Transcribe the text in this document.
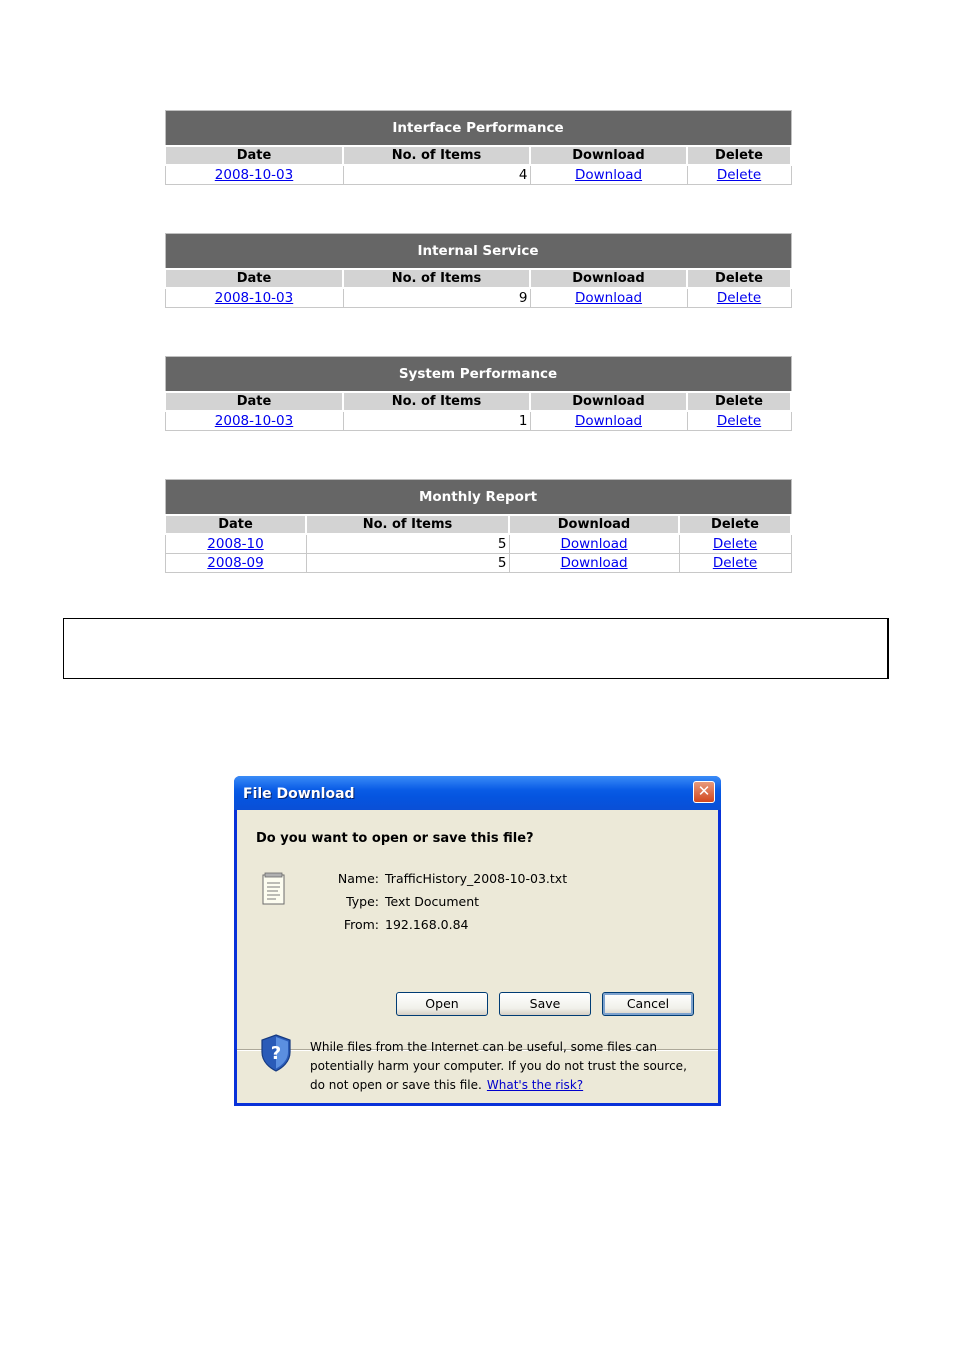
Interface Performance			
Date	No. of Items	Download	Delete
2008-10-03	4	Download	Delete
Internal Service			
Date	No. of Items	Download	Delete
2008-10-03	9	Download	Delete
System Performance			
Date	No. of Items	Download	Delete
2008-10-03	1	Download	Delete
Monthly Report			
Date	No. of Items	Download	Delete
2008-10	5	Download	Delete
2008-09	5	Download	Delete
File Download	✕
Do you want to open or save this file?
Name: TrafficHistory_2008-10-03.txt
Type: Text Document
From: 192.168.0.84
Open	Save	Cancel
? While files from the Internet can be useful, some files can potentially harm your computer. If you do not trust the source, do not open or save this file. What's the risk?
